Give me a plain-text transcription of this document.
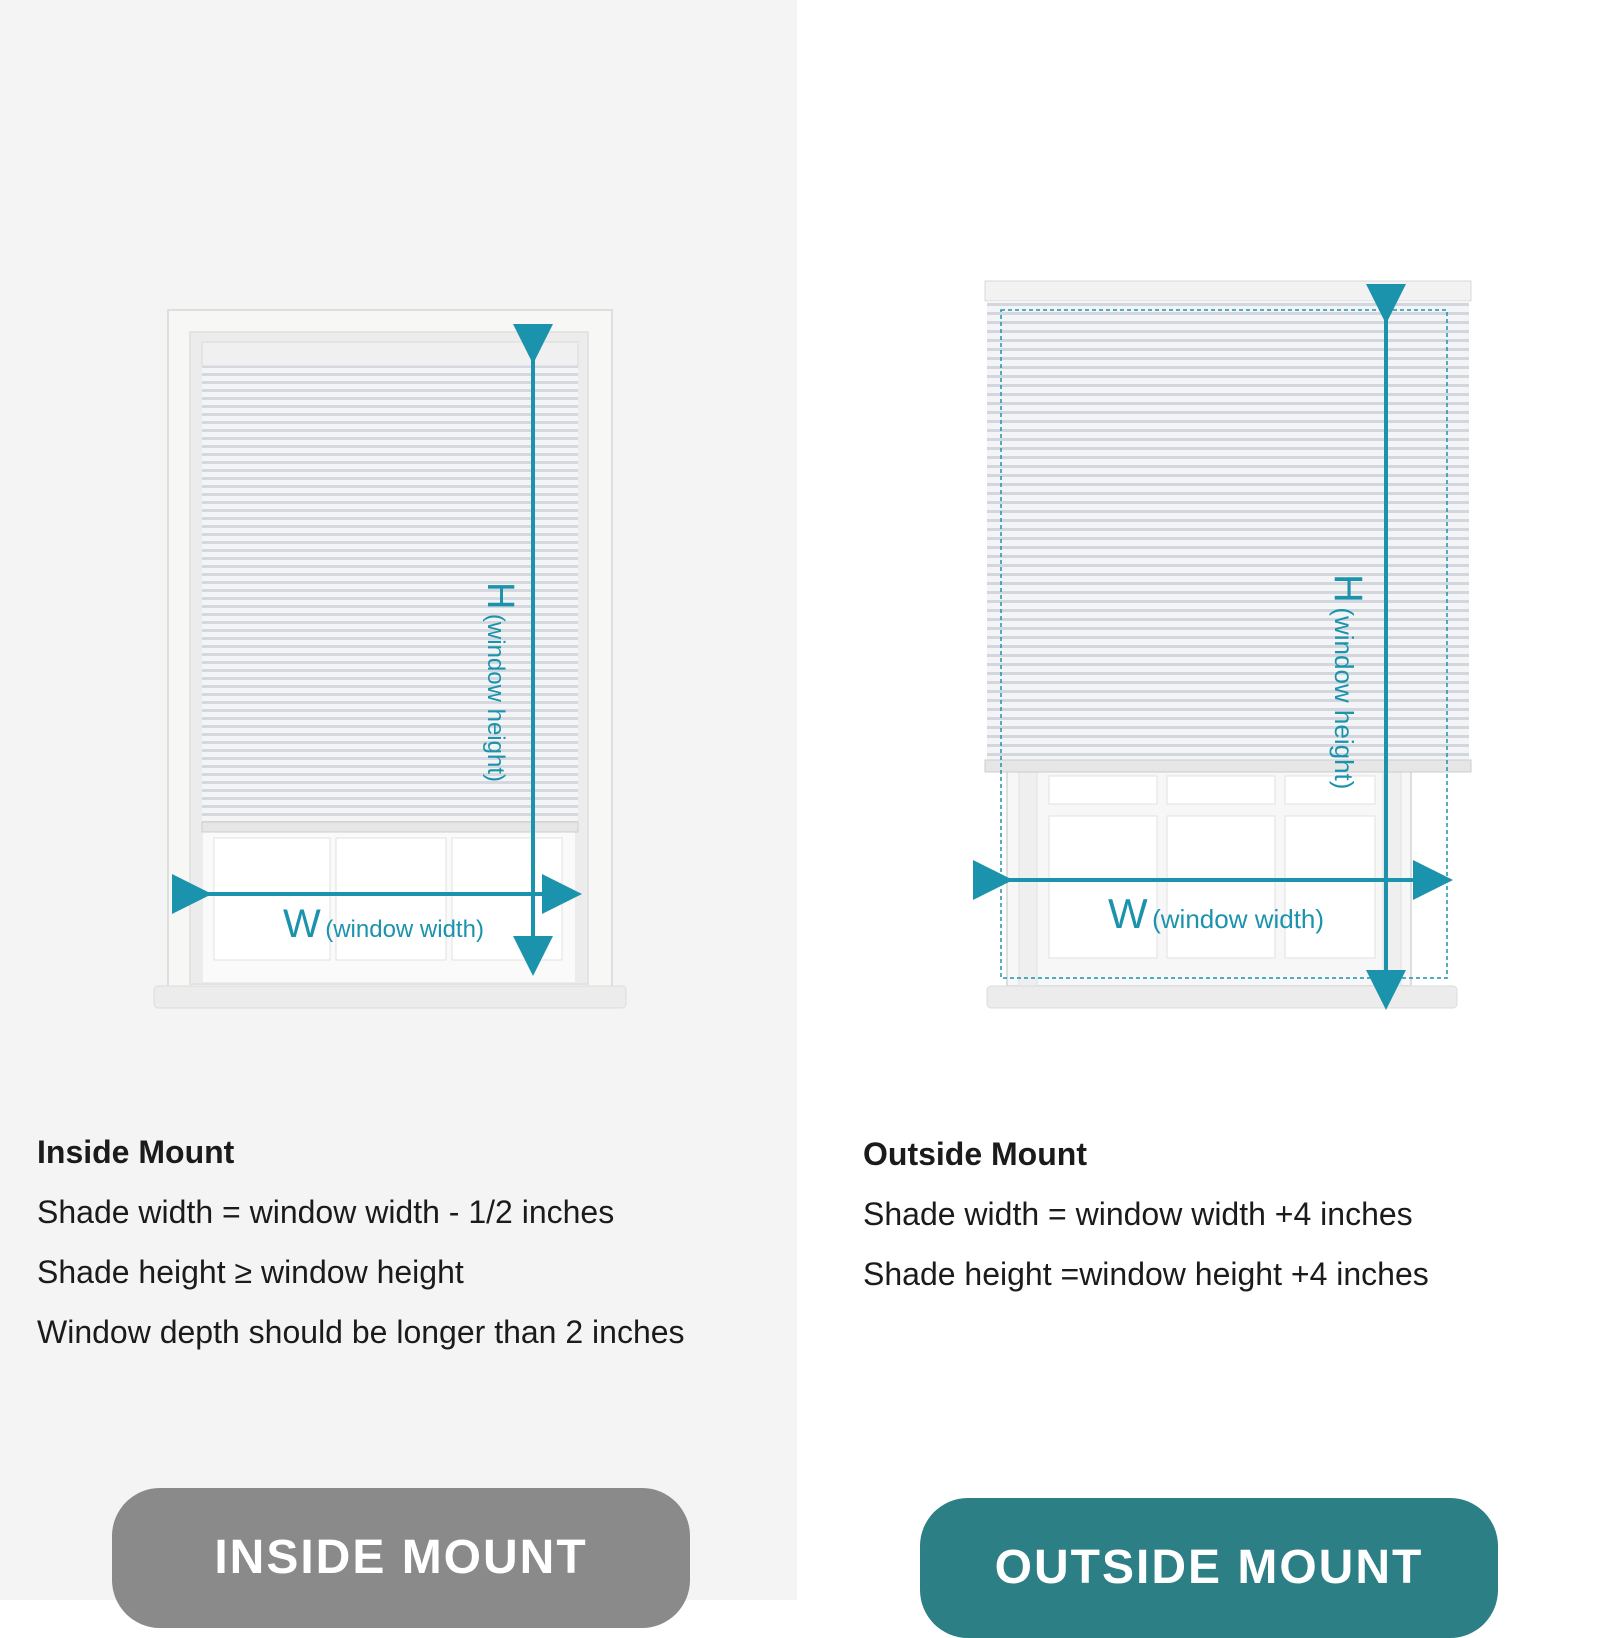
H (window height)
W (window width)
Inside Mount
Shade width = window width - 1/2 inches
Shade height ≥ window height
Window depth should be longer than 2 inches
INSIDE MOUNT
H (window height)
W (window width)
Outside Mount
Shade width = window width +4 inches
Shade height =window height +4 inches
OUTSIDE MOUNT
